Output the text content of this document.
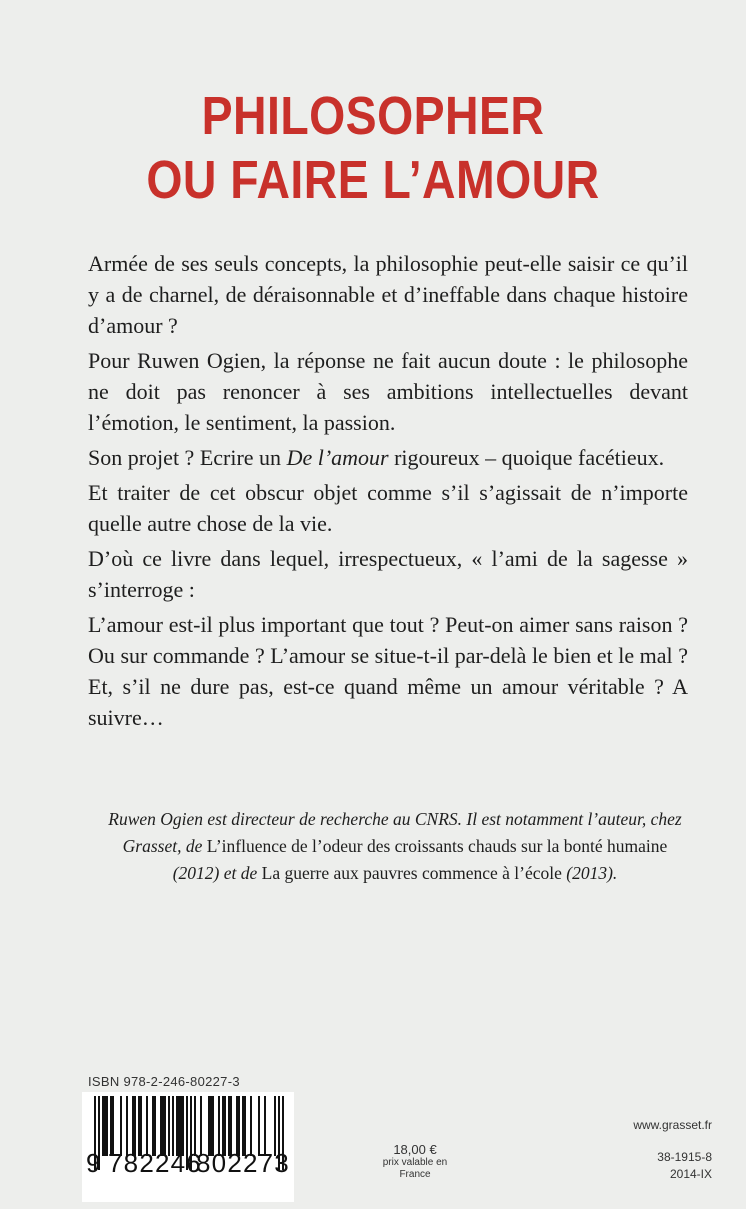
PHILOSOPHER
OU FAIRE L’AMOUR

Armée de ses seuls concepts, la philosophie peut-elle saisir ce qu’il y a de charnel, de déraisonnable et d’ineffable dans chaque histoire d’amour ?

Pour Ruwen Ogien, la réponse ne fait aucun doute : le philosophe ne doit pas renoncer à ses ambitions intellectuelles devant l’émotion, le sentiment, la passion.

Son projet ? Ecrire un De l’amour rigoureux – quoique facétieux.

Et traiter de cet obscur objet comme s’il s’agissait de n’importe quelle autre chose de la vie.

D’où ce livre dans lequel, irrespectueux, « l’ami de la sagesse » s’interroge :

L’amour est-il plus important que tout ? Peut-on aimer sans raison ? Ou sur commande ? L’amour se situe-t-il par-delà le bien et le mal ? Et, s’il ne dure pas, est-ce quand même un amour véritable ? A suivre…

Ruwen Ogien est directeur de recherche au CNRS. Il est notamment l’auteur, chez Grasset, de L’influence de l’odeur des croissants chauds sur la bonté humaine (2012) et de La guerre aux pauvres commence à l’école (2013).
ISBN 978-2-246-80227-3
9 782246
802273	18,00 €
prix valable en
France
www.grasset.fr
38-1915-8
2014-IX
